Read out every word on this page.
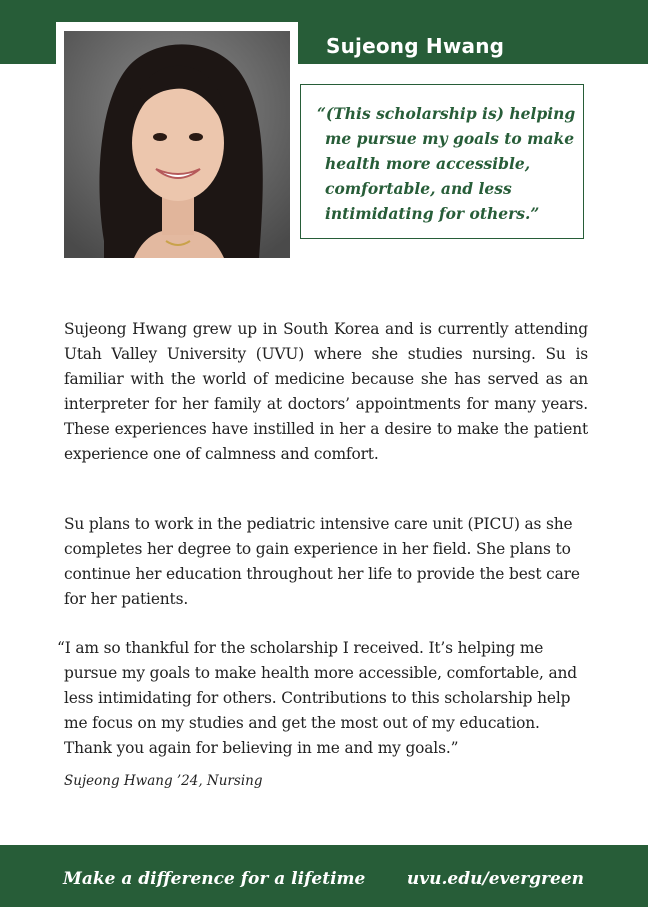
Sujeong Hwang

“(This scholarship is) helping me pursue my goals to make health more accessible, comfortable, and less intimidating for others.”

Sujeong Hwang grew up in South Korea and is currently attending Utah Valley University (UVU) where she studies nursing. Su is familiar with the world of medicine because she has served as an interpreter for her family at doctors’ appointments for many years. These experiences have instilled in her a desire to make the patient experience one of calmness and comfort.

Su plans to work in the pediatric intensive care unit (PICU) as she completes her degree to gain experience in her field. She plans to continue her education throughout her life to provide the best care for her patients.

“I am so thankful for the scholarship I received. It’s helping me pursue my goals to make health more accessible, comfortable, and less intimidating for others. Contributions to this scholarship help me focus on my studies and get the most out of my education. Thank you again for believing in me and my goals.”

Sujeong Hwang ’24, Nursing
Make a difference for a lifetime uvu.edu/evergreen
